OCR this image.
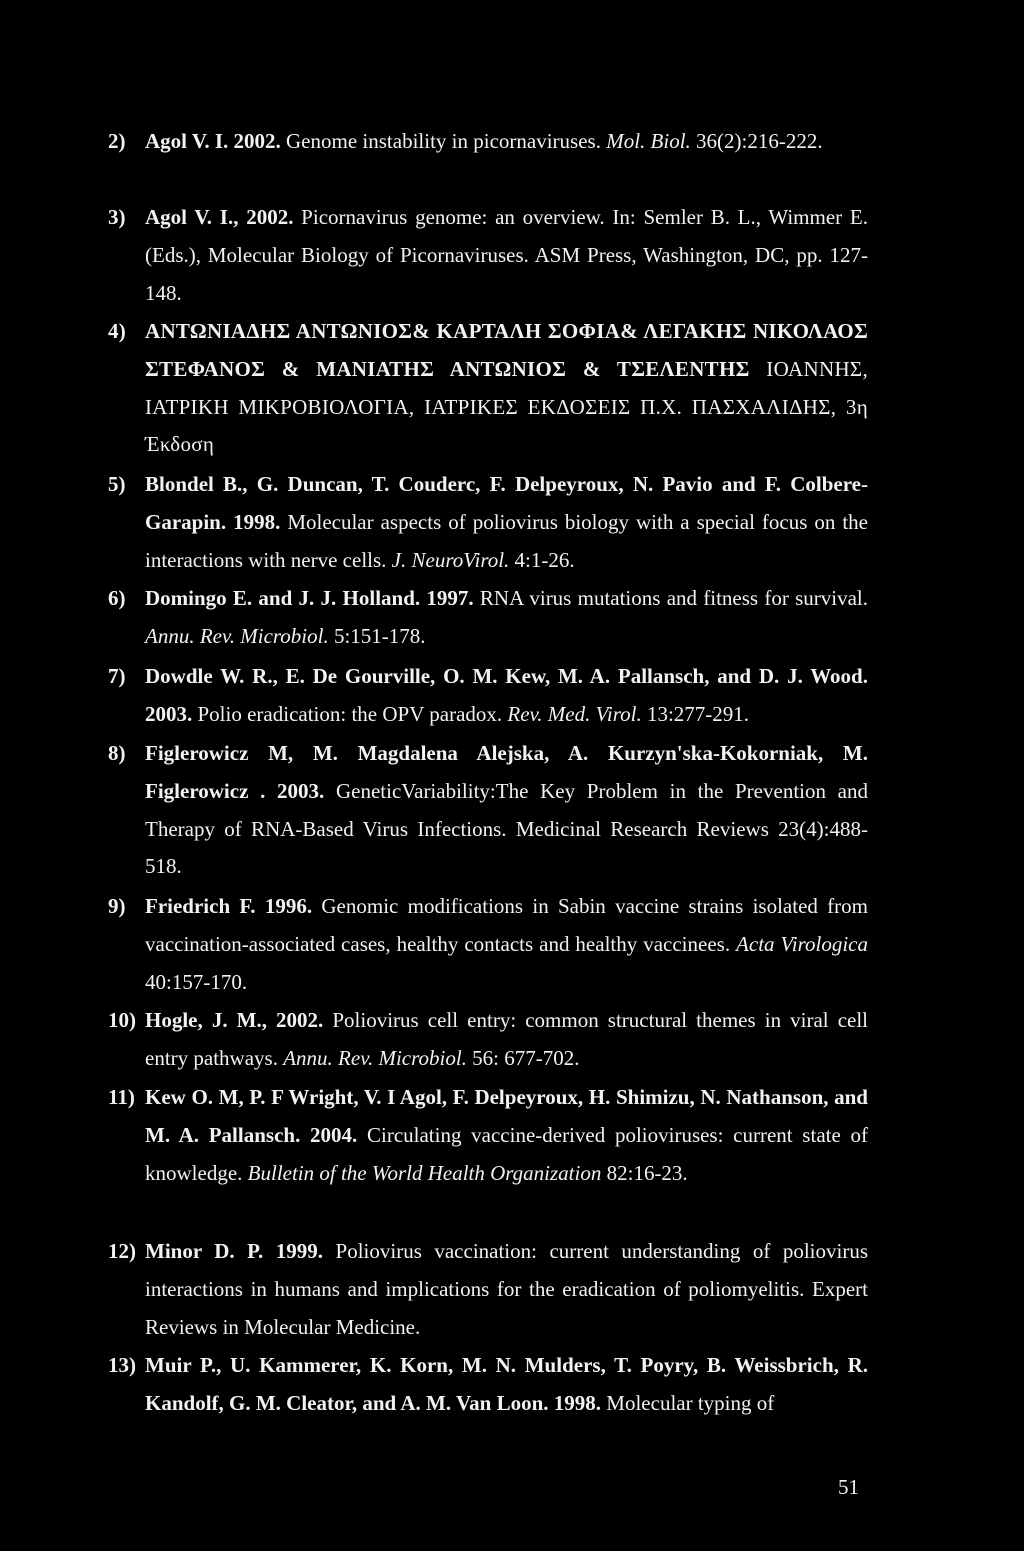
2) Agol V. I. 2002. Genome instability in picornaviruses. Mol. Biol. 36(2):216-222.
3) Agol V. I., 2002. Picornavirus genome: an overview. In: Semler B. L., Wimmer E. (Eds.), Molecular Biology of Picornaviruses. ASM Press, Washington, DC, pp. 127-148.
4) ΑΝΤΩΝΙΑΔΗΣ ΑΝΤΩΝΙΟΣ& ΚΑΡΤΑΛΗ ΣΟΦΙΑ& ΛΕΓΑΚΗΣ ΝΙΚΟΛΑΟΣ ΣΤΕΦΑΝΟΣ & ΜΑΝΙΑΤΗΣ ΑΝΤΩΝΙΟΣ & ΤΣΕΛΕΝΤΗΣ ΙΟΑΝΝΗΣ, ΙΑΤΡΙΚΗ ΜΙΚΡΟΒΙΟΛΟΓΙΑ, ΙΑΤΡΙΚΕΣ ΕΚΔΟΣΕΙΣ Π.Χ. ΠΑΣΧΑΛΙΔΗΣ, 3η Έκδοση
5) Blondel B., G. Duncan, T. Couderc, F. Delpeyroux, N. Pavio and F. Colbere-Garapin. 1998. Molecular aspects of poliovirus biology with a special focus on the interactions with nerve cells. J. NeuroVirol. 4:1-26.
6) Domingo E. and J. J. Holland. 1997. RNA virus mutations and fitness for survival. Annu. Rev. Microbiol. 5:151-178.
7) Dowdle W. R., E. De Gourville, O. M. Kew, M. A. Pallansch, and D. J. Wood. 2003. Polio eradication: the OPV paradox. Rev. Med. Virol. 13:277-291.
8) Figlerowicz M, M. Magdalena Alejska, A. Kurzyn'ska-Kokorniak, M. Figlerowicz . 2003. GeneticVariability:The Key Problem in the Prevention and Therapy of RNA-Based Virus Infections. Medicinal Research Reviews 23(4):488-518.
9) Friedrich F. 1996. Genomic modifications in Sabin vaccine strains isolated from vaccination-associated cases, healthy contacts and healthy vaccinees. Acta Virologica 40:157-170.
10) Hogle, J. M., 2002. Poliovirus cell entry: common structural themes in viral cell entry pathways. Annu. Rev. Microbiol. 56: 677-702.
11) Kew O. M, P. F Wright, V. I Agol, F. Delpeyroux, H. Shimizu, N. Nathanson, and M. A. Pallansch. 2004. Circulating vaccine-derived polioviruses: current state of knowledge. Bulletin of the World Health Organization 82:16-23.
12) Minor D. P. 1999. Poliovirus vaccination: current understanding of poliovirus interactions in humans and implications for the eradication of poliomyelitis. Expert Reviews in Molecular Medicine.
13) Muir P., U. Kammerer, K. Korn, M. N. Mulders, T. Poyry, B. Weissbrich, R. Kandolf, G. M. Cleator, and A. M. Van Loon. 1998. Molecular typing of
51
